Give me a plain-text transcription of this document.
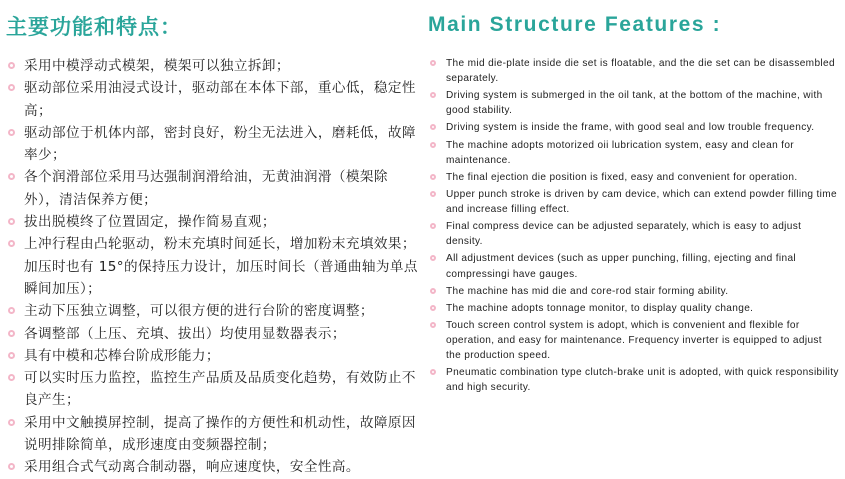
主要功能和特点：
采用中模浮动式模架，模架可以独立拆卸；
驱动部位采用油浸式设计，驱动部在本体下部，重心低，稳定性高；
驱动部位于机体内部，密封良好，粉尘无法进入，磨耗低，故障率少；
各个润滑部位采用马达强制润滑给油，无黄油润滑（模架除外），清洁保养方便；
拔出脱模终了位置固定，操作简易直观；
上冲行程由凸轮驱动，粉末充填时间延长，增加粉末充填效果；加压时也有 15°的保持压力设计，加压时间长（普通曲轴为单点瞬间加压）；
主动下压独立调整，可以很方便的进行台阶的密度调整；
各调整部（上压、充填、拔出）均使用显数器表示；
具有中模和芯棒台阶成形能力；
可以实时压力监控，监控生产品质及品质变化趋势，有效防止不良产生；
采用中文触摸屏控制，提高了操作的方便性和机动性，故障原因说明排除简单，成形速度由变频器控制；
采用组合式气动离合制动器，响应速度快，安全性高。
Main Structure Features :
The mid die-plate inside die set is floatable, and the die set can be disassembled separately.
Driving system is submerged in the oil tank, at the bottom of the machine, with good stability.
Driving system is inside the frame, with good seal and low trouble frequency.
The machine adopts motorized oii lubrication system, easy and clean for maintenance.
The final ejection die position is fixed, easy and convenient for operation.
Upper punch stroke is driven by cam device, which can extend powder filling time and increase filling effect.
Final compress device can be adjusted separately, which is easy to adjust density.
All adjustment devices (such as upper punching, filling, ejecting and final compressingi have gauges.
The machine has mid die and core-rod stair forming ability.
The machine adopts tonnage monitor, to display quality change.
Touch screen control system is adopt, which is convenient and flexible for operation, and easy for maintenance. Frequency inverter is equipped to adjust the production speed.
Pneumatic combination type clutch-brake unit is adopted, with quick responsibility and high security.
